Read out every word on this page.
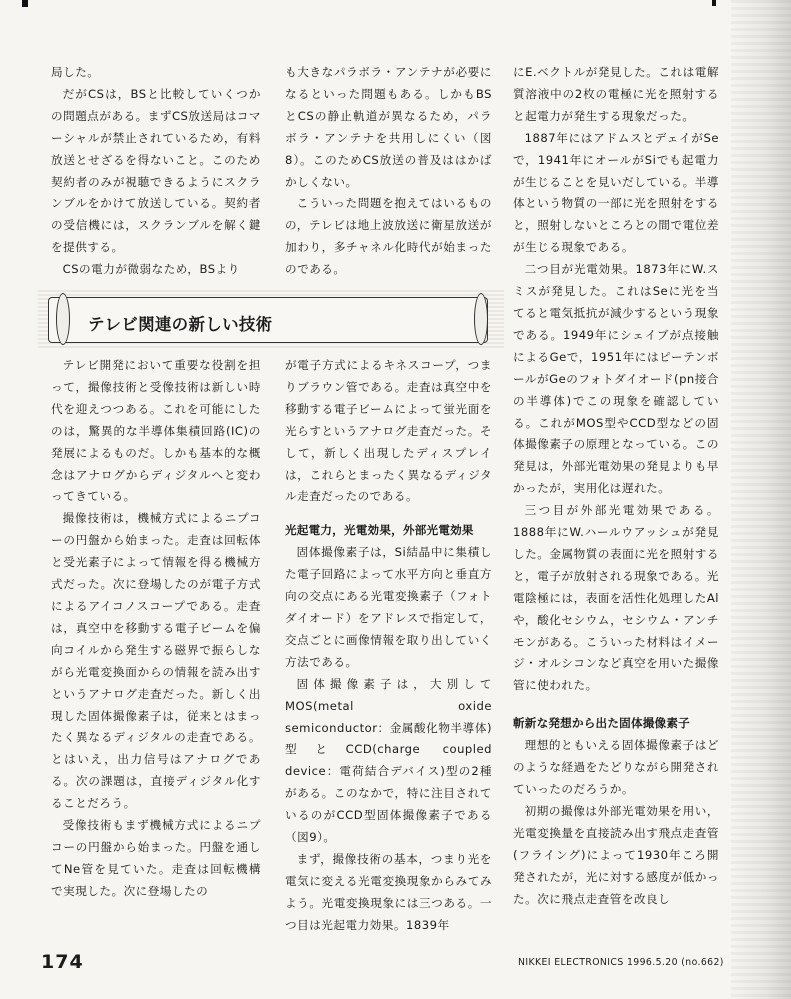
局した。

だがCSは，BSと比較していくつかの問題点がある。まずCS放送局はコマーシャルが禁止されているため，有料放送とせざるを得ないこと。このため契約者のみが視聴できるようにスクランブルをかけて放送している。契約者の受信機には，スクランブルを解く鍵を提供する。

CSの電力が微弱なため，BSより

も大きなパラボラ・アンテナが必要になるといった問題もある。しかもBSとCSの静止軌道が異なるため，パラボラ・アンテナを共用しにくい（図8）。このためCS放送の普及ははかばかしくない。

こういった問題を抱えてはいるものの，テレビは地上波放送に衛星放送が加わり，多チャネル化時代が始まったのである。

テレビ関連の新しい技術

テレビ開発において重要な役割を担って，撮像技術と受像技術は新しい時代を迎えつつある。これを可能にしたのは，驚異的な半導体集積回路(IC)の発展によるものだ。しかも基本的な概念はアナログからディジタルへと変わってきている。

撮像技術は，機械方式によるニプコーの円盤から始まった。走査は回転体と受光素子によって情報を得る機械方式だった。次に登場したのが電子方式によるアイコノスコープである。走査は，真空中を移動する電子ビームを偏向コイルから発生する磁界で振らしながら光電変換面からの情報を読み出すというアナログ走査だった。新しく出現した固体撮像素子は，従来とはまったく異なるディジタルの走査である。とはいえ，出力信号はアナログである。次の課題は，直接ディジタル化することだろう。

受像技術もまず機械方式によるニプコーの円盤から始まった。円盤を通してNe管を見ていた。走査は回転機構で実現した。次に登場したの

が電子方式によるキネスコープ，つまりブラウン管である。走査は真空中を移動する電子ビームによって蛍光面を光らすというアナログ走査だった。そして，新しく出現したディスプレイは，これらとまったく異なるディジタル走査だったのである。

光起電力，光電効果，外部光電効果

固体撮像素子は，Si結晶中に集積した電子回路によって水平方向と垂直方向の交点にある光電変換素子（フォトダイオード）をアドレスで指定して，交点ごとに画像情報を取り出していく方法である。

固体撮像素子は，大別してMOS(metal oxide semiconductor：金属酸化物半導体)型とCCD(charge coupled device：電荷結合デバイス)型の2種がある。このなかで，特に注目されているのがCCD型固体撮像素子である（図9）。

まず，撮像技術の基本，つまり光を電気に変える光電変換現象からみてみよう。光電変換現象には三つある。一つ目は光起電力効果。1839年

にE.ベクトルが発見した。これは電解質溶液中の2枚の電極に光を照射すると起電力が発生する現象だった。

1887年にはアドムスとデェイがSeで，1941年にオールがSiでも起電力が生じることを見いだしている。半導体という物質の一部に光を照射をすると，照射しないところとの間で電位差が生じる現象である。

二つ目が光電効果。1873年にW.スミスが発見した。これはSeに光を当てると電気抵抗が減少するという現象である。1949年にシェイブが点接触によるGeで，1951年にはピーテンボールがGeのフォトダイオード(pn接合の半導体)でこの現象を確認している。これがMOS型やCCD型などの固体撮像素子の原理となっている。この発見は，外部光電効果の発見よりも早かったが，実用化は遅れた。

三つ目が外部光電効果である。1888年にW.ハールウアッシュが発見した。金属物質の表面に光を照射すると，電子が放射される現象である。光電陰極には，表面を活性化処理したAlや，酸化セシウム，セシウム・アンチモンがある。こういった材料はイメージ・オルシコンなど真空を用いた撮像管に使われた。

斬新な発想から出た固体撮像素子

理想的ともいえる固体撮像素子はどのような経過をたどりながら開発されていったのだろうか。

初期の撮像は外部光電効果を用い，光電変換量を直接読み出す飛点走査管(フライング)によって1930年ころ開発されたが，光に対する感度が低かった。次に飛点走査管を改良し

174	NIKKEI ELECTRONICS 1996.5.20 (no.662)
